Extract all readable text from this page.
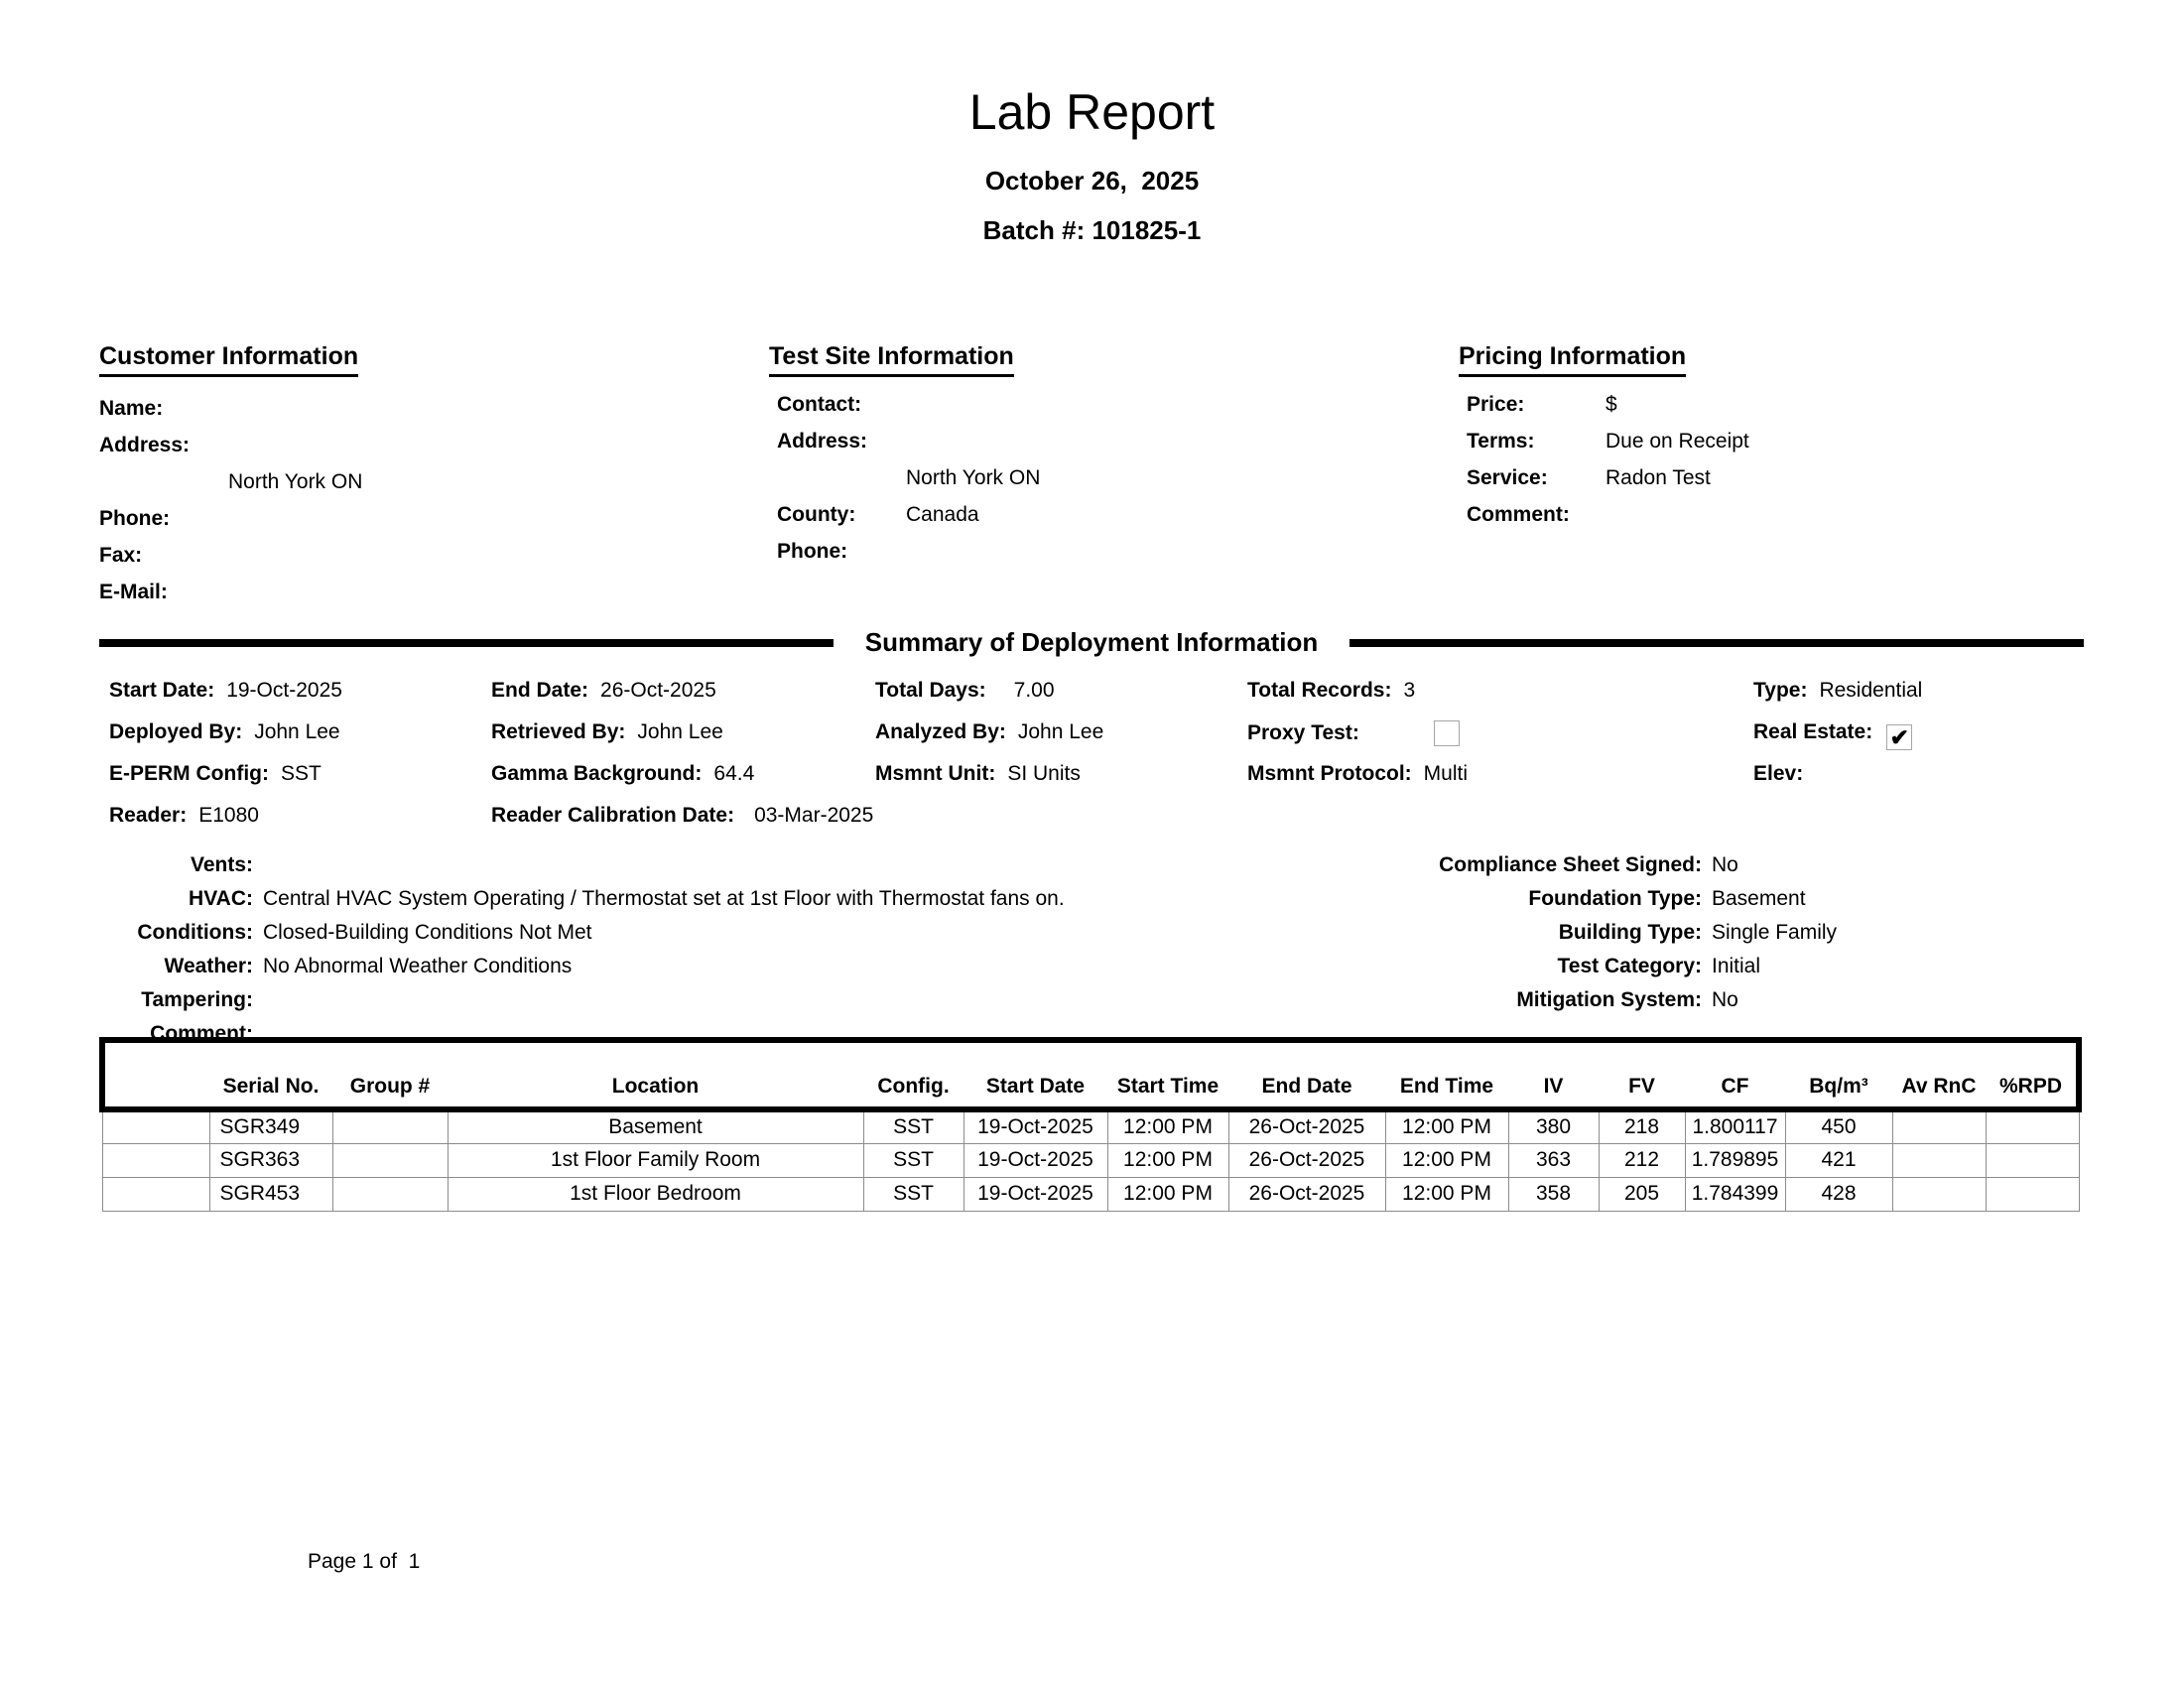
Lab Report
October 26,  2025
Batch #: 101825-1
Customer Information
Name:
Address:
North York ON
Phone:
Fax:
E-Mail:
Test Site Information
Contact:
Address:
North York ON
County: Canada
Phone:
Pricing Information
Price:	$
Terms:	Due on Receipt
Service:	Radon Test
Comment:
Summary of Deployment Information
Start Date: 19-Oct-2025	End Date: 26-Oct-2025	Total Days: 7.00	Total Records: 3	Type: Residential
Deployed By: John Lee	Retrieved By: John Lee	Analyzed By: John Lee	Proxy Test:	Real Estate: ✔
E-PERM Config: SST	Gamma Background: 64.4	Msmnt Unit: SI Units	Msmnt Protocol: Multi	Elev:
Reader: E1080	Reader Calibration Date: 03-Mar-2025
Vents:
HVAC: Central HVAC System Operating / Thermostat set at 1st Floor with Thermostat fans on.
Conditions: Closed-Building Conditions Not Met
Weather: No Abnormal Weather Conditions
Tampering:
Comment:
Compliance Sheet Signed: No
Foundation Type: Basement
Building Type: Single Family
Test Category: Initial
Mitigation System: No
	Serial No.	Group #	Location	Config.	Start Date	Start Time	End Date	End Time	IV	FV	CF	Bq/m³	Av RnC	%RPD
	SGR349		Basement	SST	19-Oct-2025	12:00 PM	26-Oct-2025	12:00 PM	380	218	1.800117	450		
	SGR363		1st Floor Family Room	SST	19-Oct-2025	12:00 PM	26-Oct-2025	12:00 PM	363	212	1.789895	421		
	SGR453		1st Floor Bedroom	SST	19-Oct-2025	12:00 PM	26-Oct-2025	12:00 PM	358	205	1.784399	428		
Page 1 of  1
